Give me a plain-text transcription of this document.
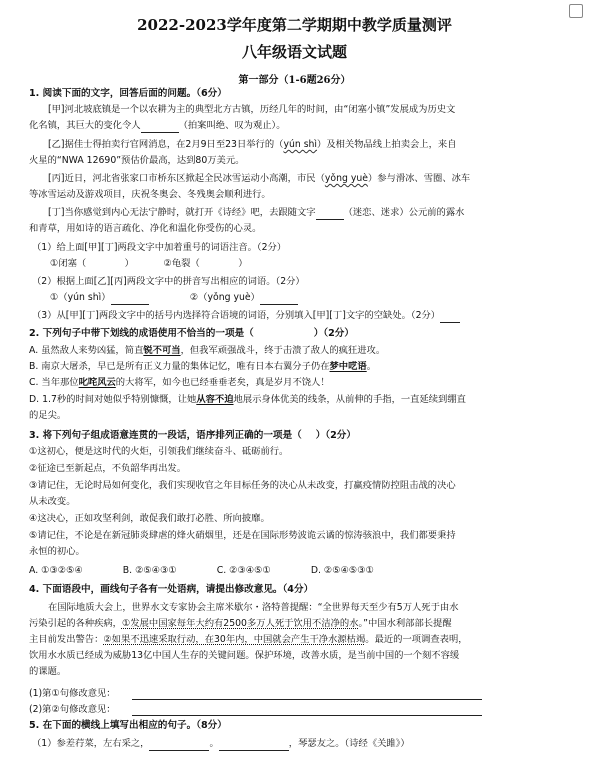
2022-2023学年度第二学期期中教学质量测评
八年级语文试题
第一部分（1-6题26分）
1. 阅读下面的文字，回答后面的问题。（6分）
[甲]河北坡底镇是一个以农耕为主的典型北方古镇，历经几年的时间，由“闭塞小镇”发展成为历史文
化名镇，其巨大的变化令人	（拍案叫绝、叹为观止）。
[乙]据佳士得拍卖行官网消息，在2月9日至23日举行的（yún shì）及相关物品线上拍卖会上，来自
火星的“NWA 12690”预估价最高，达到80万美元。
[丙]近日，河北省张家口市桥东区掀起全民冰雪运动小高潮，市民（yǒng yuè）参与滑冰、雪圈、冰车
等冰雪运动及游戏项目，庆祝冬奥会、冬残奥会顺利进行。
[丁]当你感觉到内心无法宁静时，就打开《诗经》吧，去跟随文字	（迷恋、迷求）公元前的露水
和青草，用如诗的语言疏化、净化和温化你受伤的心灵。
（1）给上面[甲][丁]两段文字中加着重号的词语注音。（2分）
①闭塞（	）	②龟裂（	）
（2）根据上面[乙][丙]两段文字中的拼音写出相应的词语。（2分）
①（yún shì）	②（yǒng yuè）
（3）从[甲][丁]两段文字中的括号内选择符合语境的词语，分别填入[甲][丁]文字的空缺处。（2分）
2. 下列句子中带下划线的成语使用不恰当的一项是（	）（2分）
A. 虽然敌人来势凶猛，简直锐不可当，但我军顽强战斗，终于击溃了敌人的疯狂进攻。
B. 南京大屠杀，早已是所有正义力量的集体记忆，唯有日本右翼分子仍在梦中呓语。
C. 当年那位叱咤风云的大将军，如今也已经垂垂老矣，真是岁月不饶人！
D. 1.7秒的时间对她似乎特别慷慨，让她从容不迫地展示身体优美的线条，从前伸的手指，一直延续到绷直
的足尖。
3. 将下列句子组成语意连贯的一段话，语序排列正确的一项是（ ）（2分）
①这初心，便是这时代的火炬，引领我们继续奋斗、砥砺前行。
②征途已至新起点，不负韶华再出发。
③请记住，无论时局如何变化，我们实现收官之年目标任务的决心从未改变，打赢疫情防控阻击战的决心
从未改变。
④这决心，正如攻坚利剑，敢促我们敢打必胜、所向披靡。
⑤请记住，不论是在新冠肺炎肆虐的烽火硝烟里，还是在国际形势波诡云谲的惊涛骇浪中，我们都要秉持
永恒的初心。
A. ①③②⑤④	B. ②⑤④③①	C. ②③④⑤①	D. ②⑤④⑤③①
4. 下面语段中，画线句子各有一处语病，请提出修改意见。（4分）
在国际地质大会上，世界水文专家协会主席米歇尔・洛特普提醒：“全世界每天至少有5万人死于由水
污染引起的各种疾病，①发展中国家每年大约有2500多万人死于饮用不洁净的水。”中国水利部部长提醒
主目前发出警告：②如果不迅速采取行动，在30年内，中国就会产生干净水源枯竭。最近的一项调查表明，
饮用水水质已经成为威胁13亿中国人生存的关键问题。保护环境，改善水质，是当前中国的一个刻不容缓
的课题。
(1)第①句修改意见：
(2)第②句修改意见：
5. 在下面的横线上填写出相应的句子。（8分）
（1）参差荇菜，左右采之，	。	，琴瑟友之。（诗经《关雎》）
